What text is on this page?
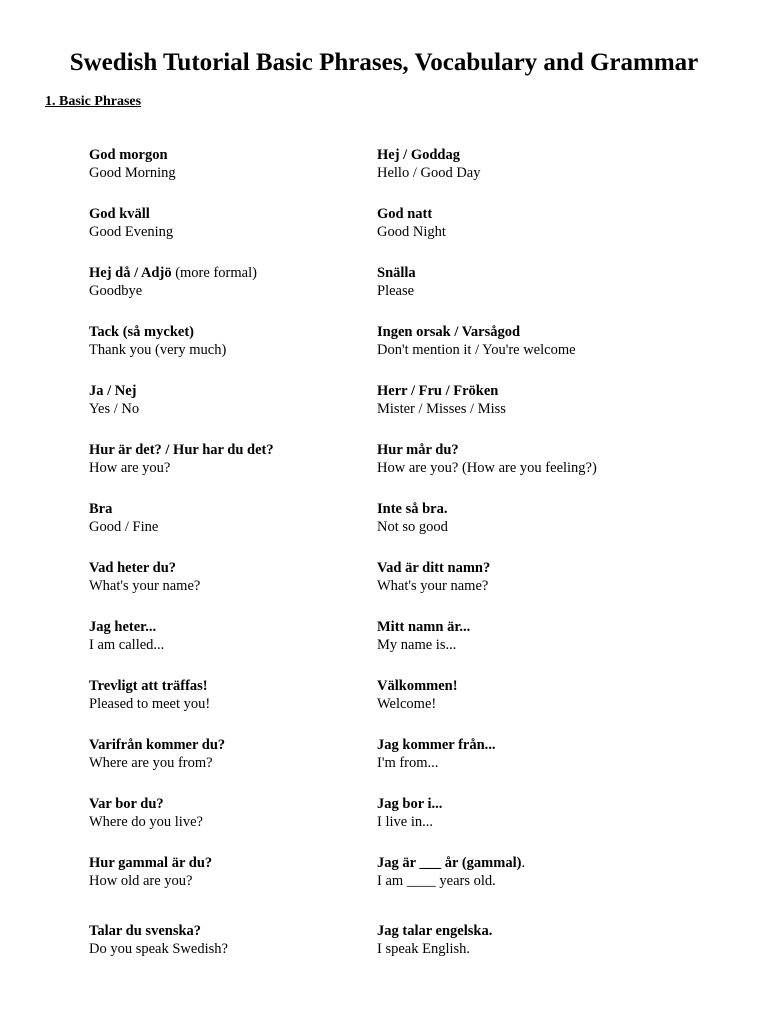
Swedish Tutorial Basic Phrases, Vocabulary and Grammar
1. Basic Phrases
God morgon
Good Morning
Hej / Goddag
Hello / Good Day
God kväll
Good Evening
God natt
Good Night
Hej då / Adjö (more formal)
Goodbye
Snälla
Please
Tack (så mycket)
Thank you (very much)
Ingen orsak / Varsågod
Don't mention it / You're welcome
Ja / Nej
Yes / No
Herr / Fru / Fröken
Mister / Misses / Miss
Hur är det? / Hur har du det?
How are you?
Hur mår du?
How are you? (How are you feeling?)
Bra
Good / Fine
Inte så bra.
Not so good
Vad heter du?
What's your name?
Vad är ditt namn?
What's your name?
Jag heter...
I am called...
Mitt namn är...
My name is...
Trevligt att träffas!
Pleased to meet you!
Välkommen!
Welcome!
Varifrån kommer du?
Where are you from?
Jag kommer från...
I'm from...
Var bor du?
Where do you live?
Jag bor i...
I live in...
Hur gammal är du?
How old are you?
Jag är ___ år (gammal).
I am ____ years old.
Talar du svenska?
Do you speak Swedish?
Jag talar engelska.
I speak English.
